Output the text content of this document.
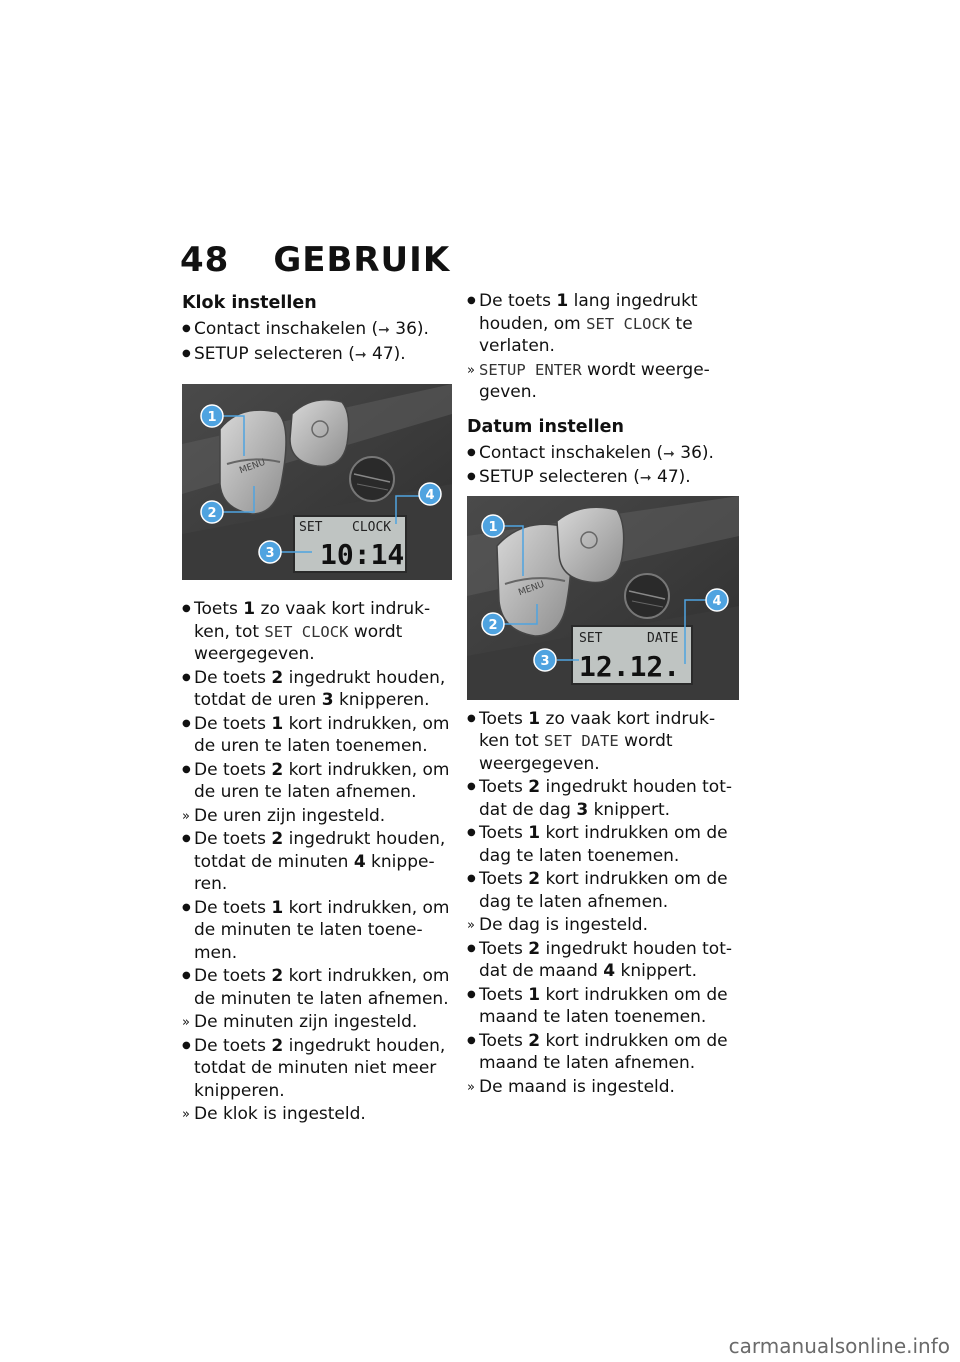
48 GEBRUIK
Klok instellen
●
Contact inschakelen (➞ 36).
●
SETUP selecteren (➞ 47).
MENU
SET CLOCK
10:14
1
2
3
4
●
Toets 1 zo vaak kort indruk-ken, tot SET CLOCK wordt weergegeven.
●
De toets 2 ingedrukt houden, totdat de uren 3 knipperen.
●
De toets 1 kort indrukken, om de uren te laten toenemen.
●
De toets 2 kort indrukken, om de uren te laten afnemen.
»
De uren zijn ingesteld.
●
De toets 2 ingedrukt houden, totdat de minuten 4 knippe-ren.
●
De toets 1 kort indrukken, om de minuten te laten toene-men.
●
De toets 2 kort indrukken, om de minuten te laten afnemen.
»
De minuten zijn ingesteld.
●
De toets 2 ingedrukt houden, totdat de minuten niet meer knipperen.
»
De klok is ingesteld.
●
De toets 1 lang ingedrukt houden, om SET CLOCK te verlaten.
»
SETUP ENTER wordt weerge-geven.
Datum instellen
●
Contact inschakelen (➞ 36).
●
SETUP selecteren (➞ 47).
MENU
SET	DATE
12.12.
1
2
3
4
●
Toets 1 zo vaak kort indruk-ken tot SET DATE wordt weergegeven.
●
Toets 2 ingedrukt houden tot-dat de dag 3 knippert.
●
Toets 1 kort indrukken om de dag te laten toenemen.
●
Toets 2 kort indrukken om de dag te laten afnemen.
»
De dag is ingesteld.
●
Toets 2 ingedrukt houden tot-dat de maand 4 knippert.
●
Toets 1 kort indrukken om de maand te laten toenemen.
●
Toets 2 kort indrukken om de maand te laten afnemen.
»
De maand is ingesteld.
carmanualsonline.info
